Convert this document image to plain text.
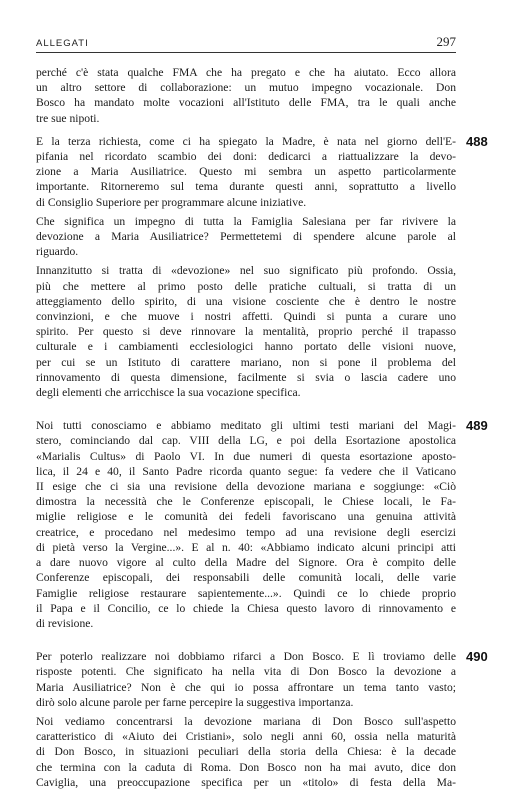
ALLEGATI	297
perché c'è stata qualche FMA che ha pregato e che ha aiutato. Ecco allora
un altro settore di collaborazione: un mutuo impegno vocazionale. Don
Bosco ha mandato molte vocazioni all'Istituto delle FMA, tra le quali anche
tre sue nipoti.
488
E la terza richiesta, come ci ha spiegato la Madre, è nata nel giorno dell'E-
pifania nel ricordato scambio dei doni: dedicarci a riattualizzare la devo-
zione a Maria Ausiliatrice. Questo mi sembra un aspetto particolarmente
importante. Ritorneremo sul tema durante questi anni, soprattutto a livello
di Consiglio Superiore per programmare alcune iniziative.
Che significa un impegno di tutta la Famiglia Salesiana per far rivivere la
devozione a Maria Ausiliatrice? Permettetemi di spendere alcune parole al
riguardo.
Innanzitutto si tratta di «devozione» nel suo significato più profondo. Ossia,
più che mettere al primo posto delle pratiche cultuali, si tratta di un
atteggiamento dello spirito, di una visione cosciente che è dentro le nostre
convinzioni, e che muove i nostri affetti. Quindi si punta a curare uno
spirito. Per questo si deve rinnovare la mentalità, proprio perché il trapasso
culturale e i cambiamenti ecclesiologici hanno portato delle visioni nuove,
per cui se un Istituto di carattere mariano, non si pone il problema del
rinnovamento di questa dimensione, facilmente si svia o lascia cadere uno
degli elementi che arricchisce la sua vocazione specifica.
489
Noi tutti conosciamo e abbiamo meditato gli ultimi testi mariani del Magi-
stero, cominciando dal cap. VIII della LG, e poi della Esortazione apostolica
«Marialis Cultus» di Paolo VI. In due numeri di questa esortazione aposto-
lica, il 24 e 40, il Santo Padre ricorda quanto segue: fa vedere che il Vaticano
II esige che ci sia una revisione della devozione mariana e soggiunge: «Ciò
dimostra la necessità che le Conferenze episcopali, le Chiese locali, le Fa-
miglie religiose e le comunità dei fedeli favoriscano una genuina attività
creatrice, e procedano nel medesimo tempo ad una revisione degli esercizi
di pietà verso la Vergine...». E al n. 40: «Abbiamo indicato alcuni principi atti
a dare nuovo vigore al culto della Madre del Signore. Ora è compito delle
Conferenze episcopali, dei responsabili delle comunità locali, delle varie
Famiglie religiose restaurare sapientemente...». Quindi ce lo chiede proprio
il Papa e il Concilio, ce lo chiede la Chiesa questo lavoro di rinnovamento e
di revisione.
490
Per poterlo realizzare noi dobbiamo rifarci a Don Bosco. E lì troviamo delle
risposte potenti. Che significato ha nella vita di Don Bosco la devozione a
Maria Ausiliatrice? Non è che qui io possa affrontare un tema tanto vasto;
dirò solo alcune parole per farne percepire la suggestiva importanza.
Noi vediamo concentrarsi la devozione mariana di Don Bosco sull'aspetto
caratteristico di «Aiuto dei Cristiani», solo negli anni 60, ossia nella maturità
di Don Bosco, in situazioni peculiari della storia della Chiesa: è la decade
che termina con la caduta di Roma. Don Bosco non ha mai avuto, dice don
Caviglia, una preoccupazione specifica per un «titolo» di festa della Ma-
